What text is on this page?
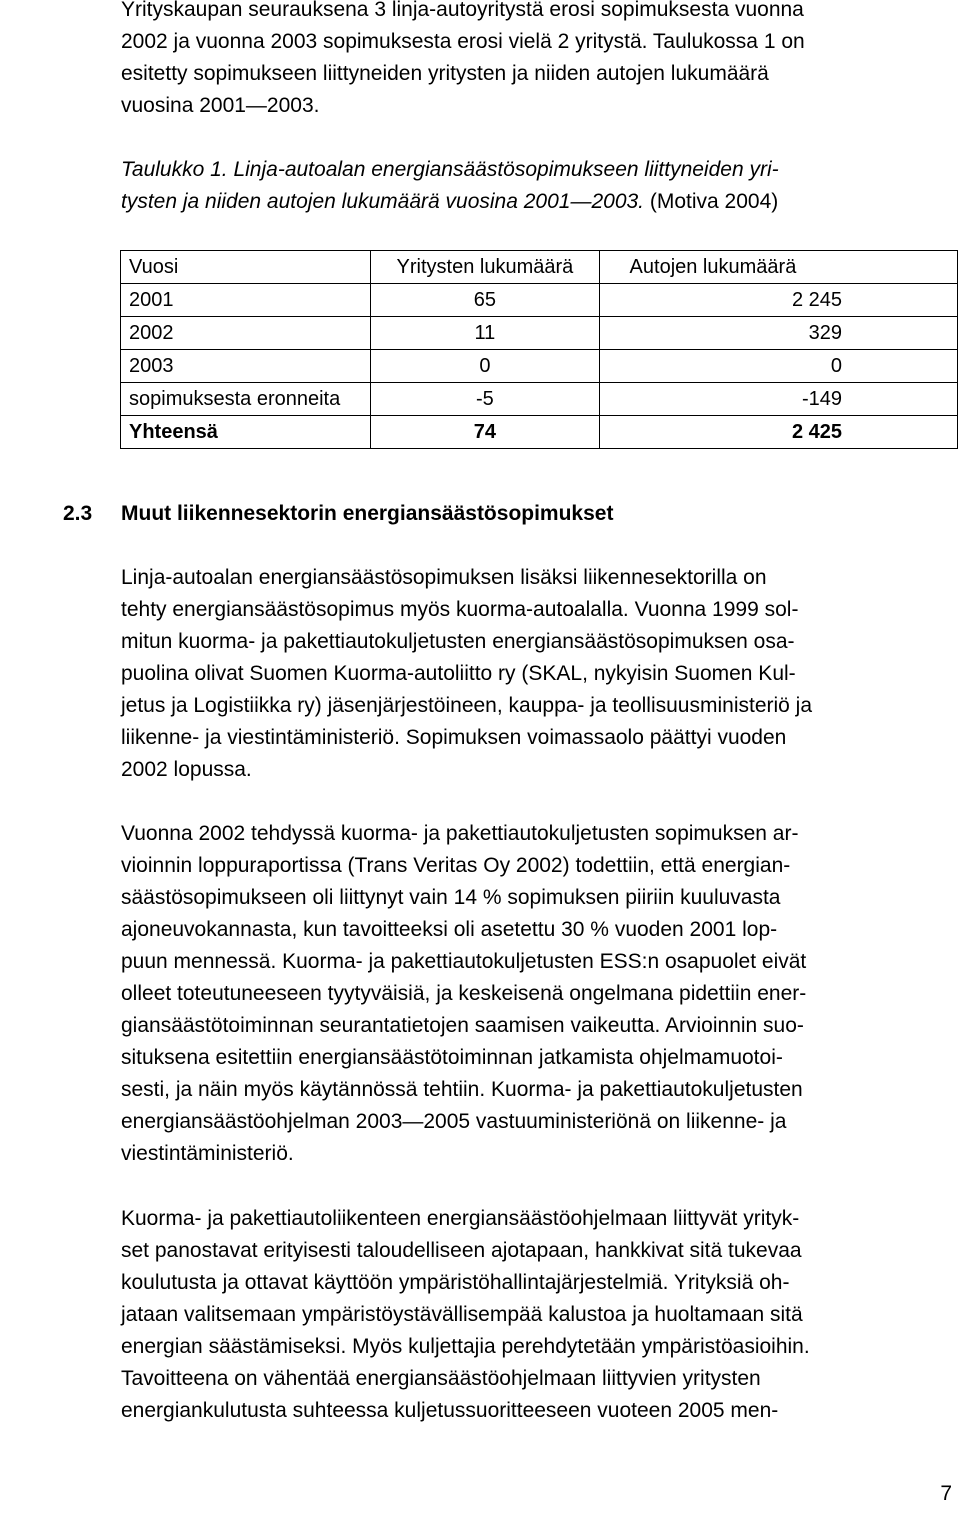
Yrityskaupan seurauksena 3 linja-autoyritystä erosi sopimuksesta vuonna
2002 ja vuonna 2003 sopimuksesta erosi vielä 2 yritystä. Taulukossa 1 on
esitetty sopimukseen liittyneiden yritysten ja niiden autojen lukumäärä
vuosina 2001—2003.
Taulukko 1. Linja-autoalan energiansäästösopimukseen liittyneiden yri-
tysten ja niiden autojen lukumäärä vuosina 2001—2003. (Motiva 2004)
Vuosi	Yritysten lukumäärä	Autojen lukumäärä
2001	65	2 245
2002	11	329
2003	0	0
sopimuksesta eronneita	-5	-149
Yhteensä	74	2 425
2.3 Muut liikennesektorin energiansäästösopimukset
Linja-autoalan energiansäästösopimuksen lisäksi liikennesektorilla on
tehty energiansäästösopimus myös kuorma-autoalalla. Vuonna 1999 sol-
mitun kuorma- ja pakettiautokuljetusten energiansäästösopimuksen osa-
puolina olivat Suomen Kuorma-autoliitto ry (SKAL, nykyisin Suomen Kul-
jetus ja Logistiikka ry) jäsenjärjestöineen, kauppa- ja teollisuusministeriö ja
liikenne- ja viestintäministeriö. Sopimuksen voimassaolo päättyi vuoden
2002 lopussa.
Vuonna 2002 tehdyssä kuorma- ja pakettiautokuljetusten sopimuksen ar-
vioinnin loppuraportissa (Trans Veritas Oy 2002) todettiin, että energian-
säästösopimukseen oli liittynyt vain 14 % sopimuksen piiriin kuuluvasta
ajoneuvokannasta, kun tavoitteeksi oli asetettu 30 % vuoden 2001 lop-
puun mennessä. Kuorma- ja pakettiautokuljetusten ESS:n osapuolet eivät
olleet toteutuneeseen tyytyväisiä, ja keskeisenä ongelmana pidettiin ener-
giansäästötoiminnan seurantatietojen saamisen vaikeutta. Arvioinnin suo-
situksena esitettiin energiansäästötoiminnan jatkamista ohjelmamuotoi-
sesti, ja näin myös käytännössä tehtiin. Kuorma- ja pakettiautokuljetusten
energiansäästöohjelman 2003—2005 vastuuministeriönä on liikenne- ja
viestintäministeriö.
Kuorma- ja pakettiautoliikenteen energiansäästöohjelmaan liittyvät yrityk-
set panostavat erityisesti taloudelliseen ajotapaan, hankkivat sitä tukevaa
koulutusta ja ottavat käyttöön ympäristöhallintajärjestelmiä. Yrityksiä oh-
jataan valitsemaan ympäristöystävällisempää kalustoa ja huoltamaan sitä
energian säästämiseksi. Myös kuljettajia perehdytetään ympäristöasioihin.
Tavoitteena on vähentää energiansäästöohjelmaan liittyvien yritysten
energiankulutusta suhteessa kuljetussuoritteeseen vuoteen 2005 men-
7
